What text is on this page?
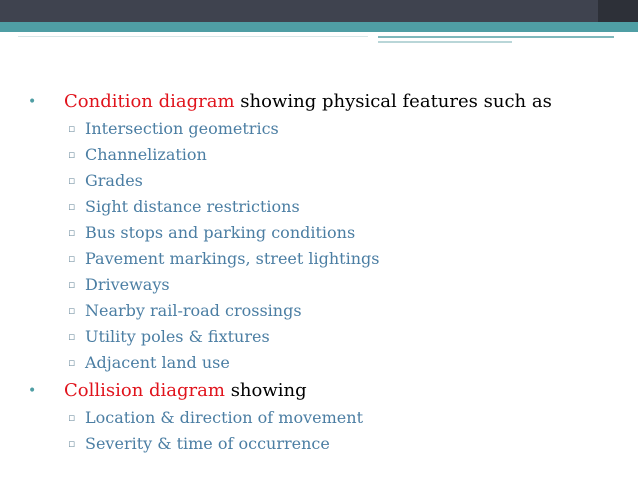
• Condition diagram showing physical features such as
▫ Intersection geometrics
▫ Channelization
▫ Grades
▫ Sight distance restrictions
▫ Bus stops and parking conditions
▫ Pavement markings, street lightings
▫ Driveways
▫ Nearby rail-road crossings
▫ Utility poles & fixtures
▫ Adjacent land use
• Collision diagram showing
▫ Location & direction of movement
▫ Severity & time of occurrence
